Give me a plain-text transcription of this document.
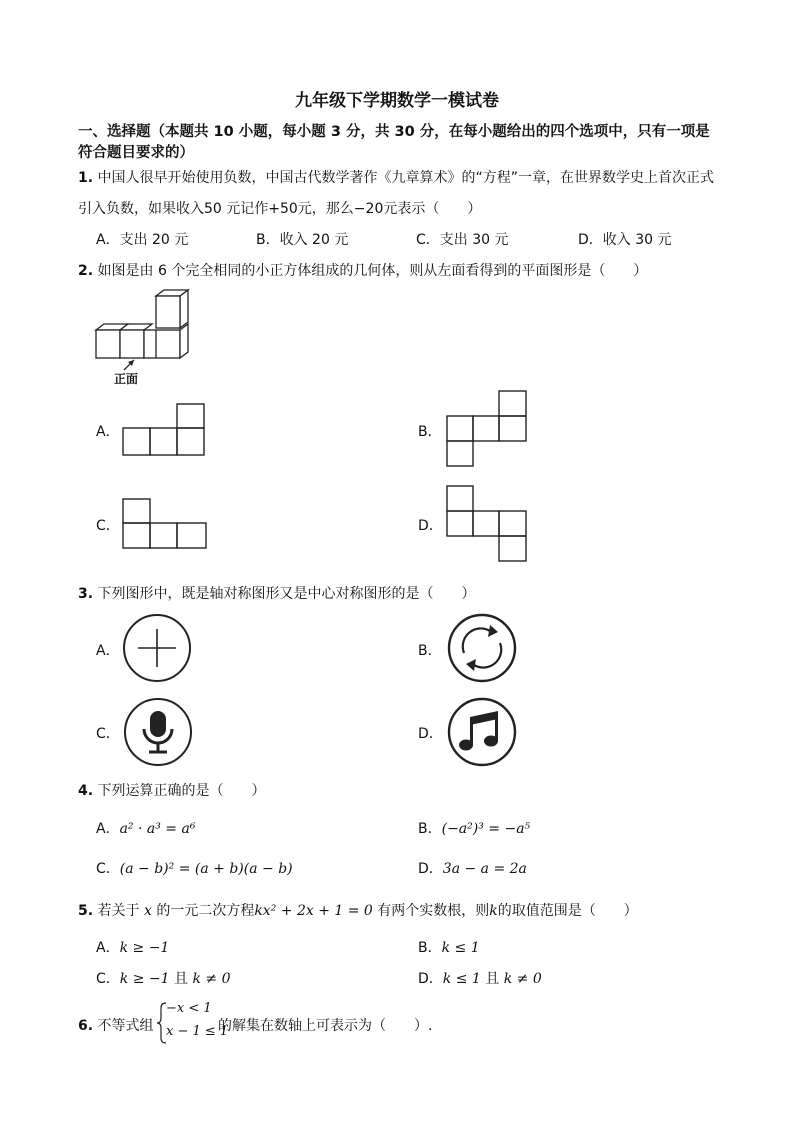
九年级下学期数学一模试卷
一、选择题（本题共 10 小题，每小题 3 分，共 30 分，在每小题给出的四个选项中，只有一项是
符合题目要求的）
1. 中国人很早开始使用负数，中国古代数学著作《九章算术》的“方程”一章，在世界数学史上首次正式
引入负数，如果收入50 元记作+50元，那么−20元表示（　　）
A．支出 20 元	B．收入 20 元	C．支出 30 元	D．收入 30 元
2. 如图是由 6 个完全相同的小正方体组成的几何体，则从左面看得到的平面图形是（　　）
正面
A．	B．
C．	D．
3. 下列图形中，既是轴对称图形又是中心对称图形的是（　　）
A．	B．
C．	D．
4. 下列运算正确的是（　　）
A．a² · a³ = a⁶	B．(−a²)³ = −a⁵
C．(a − b)² = (a + b)(a − b)	D．3a − a = 2a
5. 若关于 x 的一元二次方程kx² + 2x + 1 = 0 有两个实数根，则k的取值范围是（　　）
A．k ≥ −1	B．k ≤ 1
C．k ≥ −1 且 k ≠ 0	D．k ≤ 1 且 k ≠ 0
6. 不等式组
−x < 1
x − 1 ≤ 1
的解集在数轴上可表示为（　　）.
